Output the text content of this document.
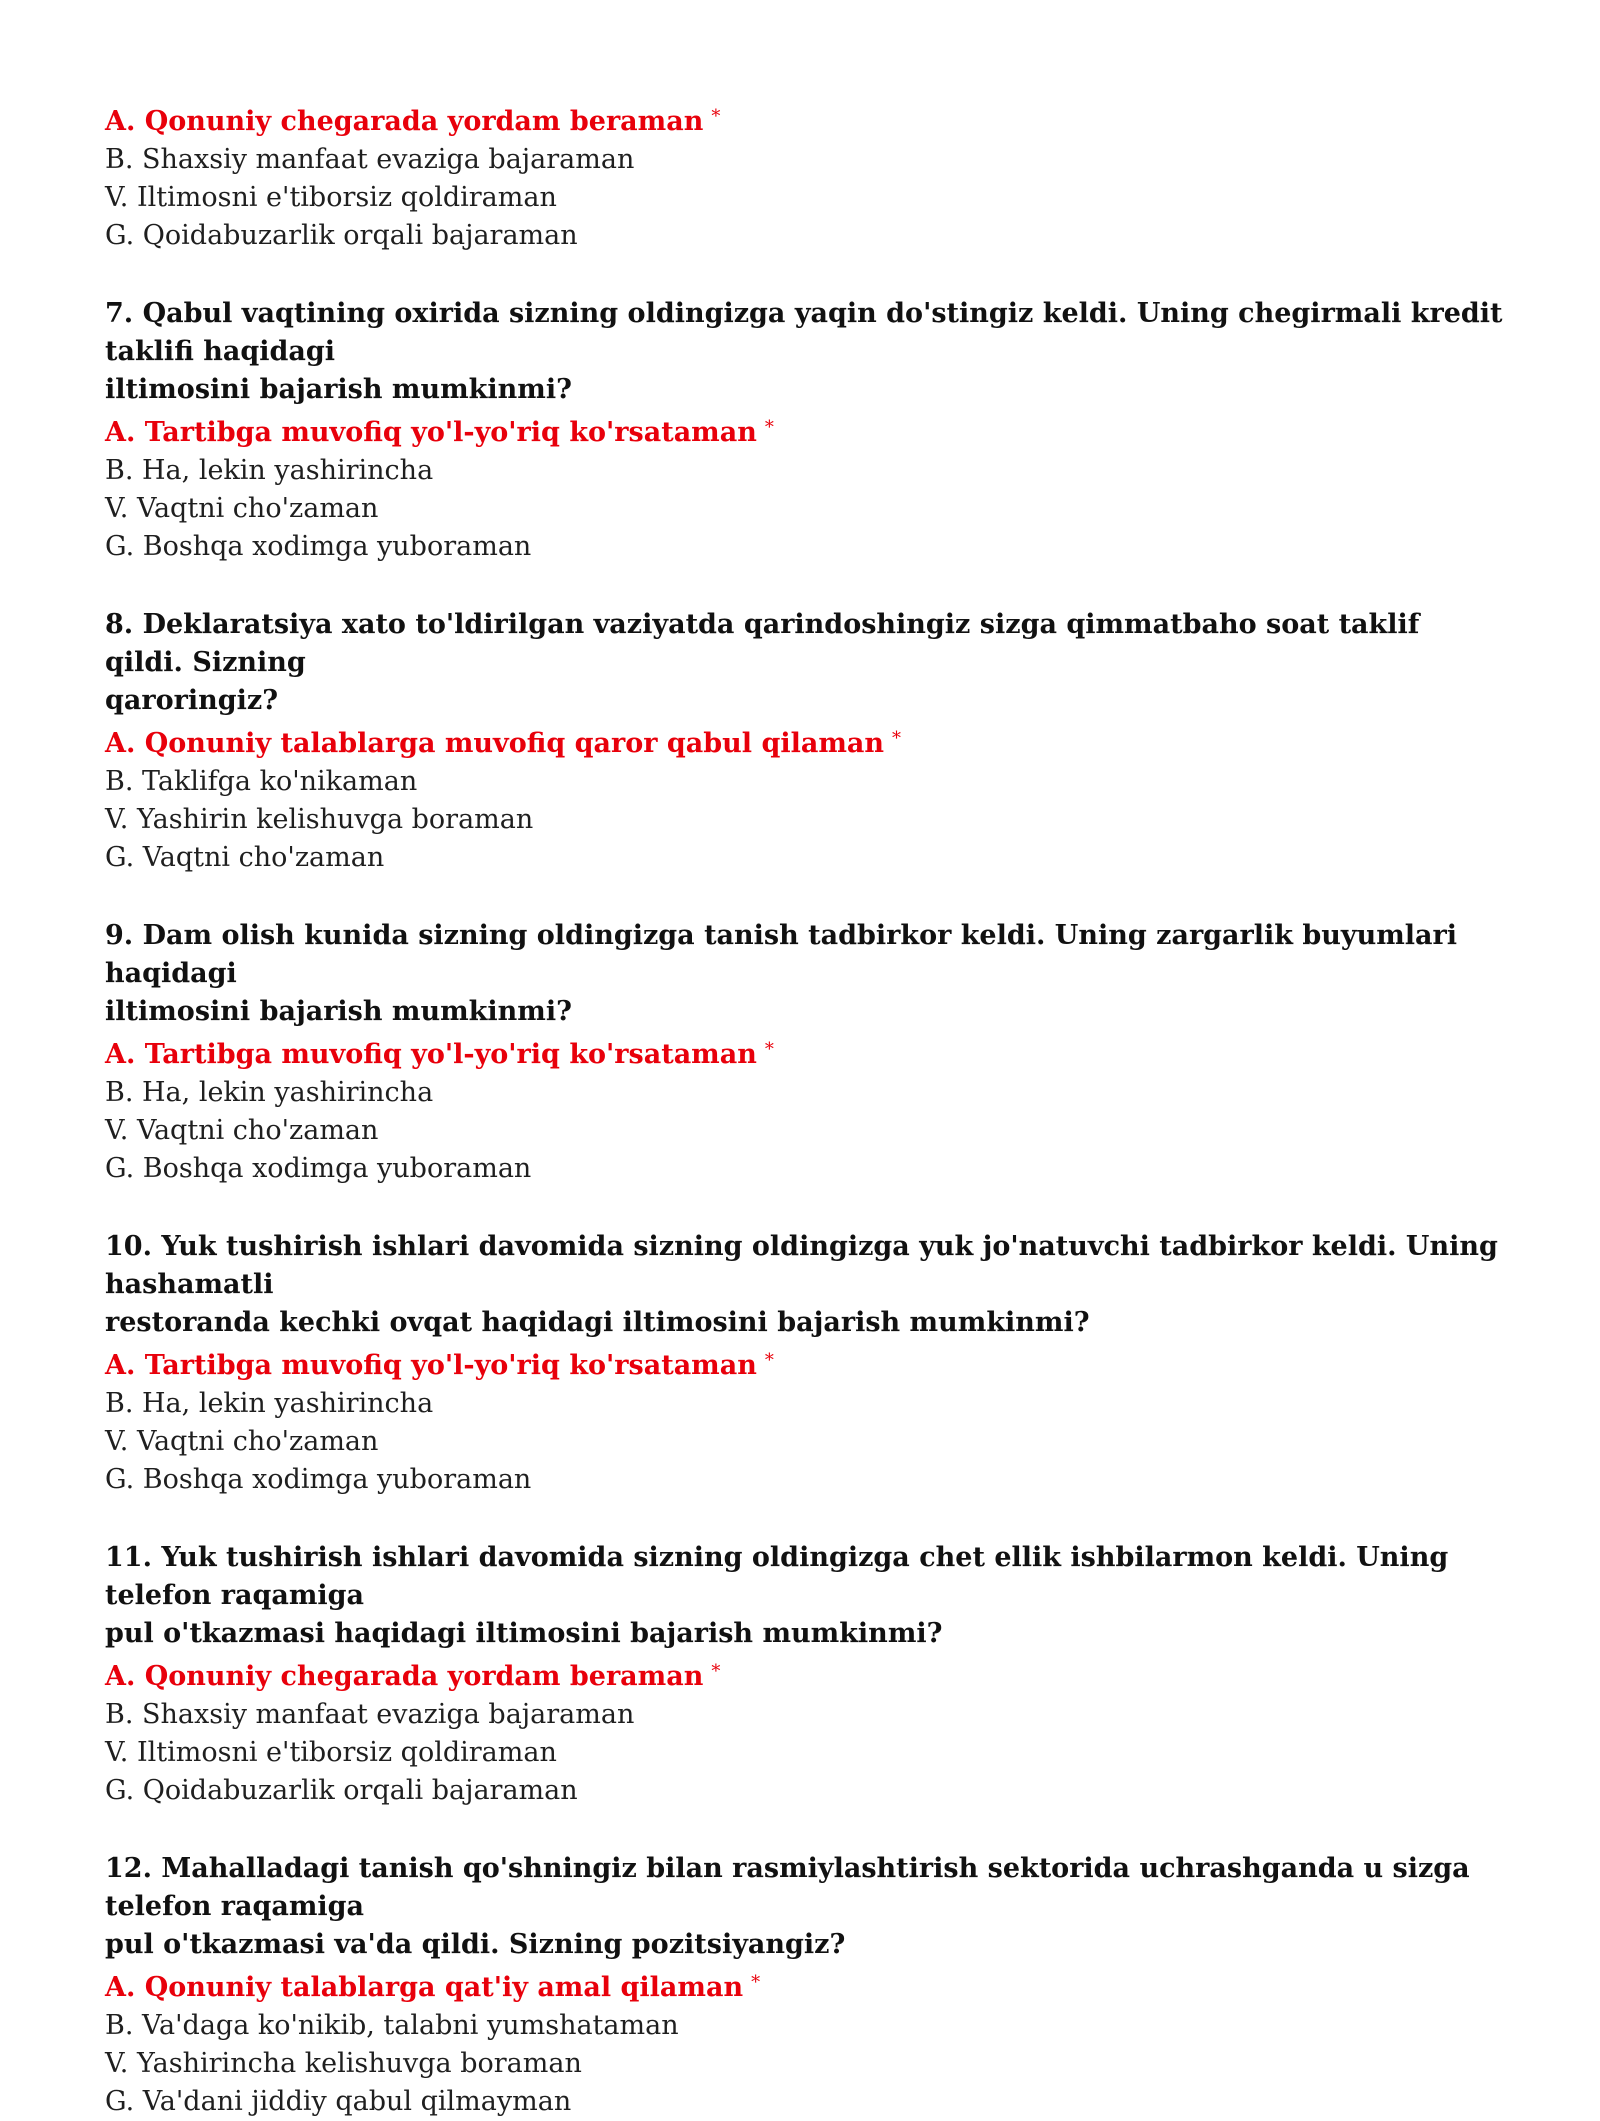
A. Qonuniy chegarada yordam beraman *

B. Shaxsiy manfaat evaziga bajaraman

V. Iltimosni e'tiborsiz qoldiraman

G. Qoidabuzarlik orqali bajaraman

7. Qabul vaqtining oxirida sizning oldingizga yaqin do'stingiz keldi. Uning chegirmali kredit taklifi haqidagi
iltimosini bajarish mumkinmi?

A. Tartibga muvofiq yo'l-yo'riq ko'rsataman *

B. Ha, lekin yashirincha

V. Vaqtni cho'zaman

G. Boshqa xodimga yuboraman

8. Deklaratsiya xato to'ldirilgan vaziyatda qarindoshingiz sizga qimmatbaho soat taklif qildi. Sizning
qaroringiz?

A. Qonuniy talablarga muvofiq qaror qabul qilaman *

B. Taklifga ko'nikaman

V. Yashirin kelishuvga boraman

G. Vaqtni cho'zaman

9. Dam olish kunida sizning oldingizga tanish tadbirkor keldi. Uning zargarlik buyumlari haqidagi
iltimosini bajarish mumkinmi?

A. Tartibga muvofiq yo'l-yo'riq ko'rsataman *

B. Ha, lekin yashirincha

V. Vaqtni cho'zaman

G. Boshqa xodimga yuboraman

10. Yuk tushirish ishlari davomida sizning oldingizga yuk jo'natuvchi tadbirkor keldi. Uning hashamatli
restoranda kechki ovqat haqidagi iltimosini bajarish mumkinmi?

A. Tartibga muvofiq yo'l-yo'riq ko'rsataman *

B. Ha, lekin yashirincha

V. Vaqtni cho'zaman

G. Boshqa xodimga yuboraman

11. Yuk tushirish ishlari davomida sizning oldingizga chet ellik ishbilarmon keldi. Uning telefon raqamiga
pul o'tkazmasi haqidagi iltimosini bajarish mumkinmi?

A. Qonuniy chegarada yordam beraman *

B. Shaxsiy manfaat evaziga bajaraman

V. Iltimosni e'tiborsiz qoldiraman

G. Qoidabuzarlik orqali bajaraman

12. Mahalladagi tanish qo'shningiz bilan rasmiylashtirish sektorida uchrashganda u sizga telefon raqamiga
pul o'tkazmasi va'da qildi. Sizning pozitsiyangiz?

A. Qonuniy talablarga qat'iy amal qilaman *

B. Va'daga ko'nikib, talabni yumshataman

V. Yashirincha kelishuvga boraman

G. Va'dani jiddiy qabul qilmayman
